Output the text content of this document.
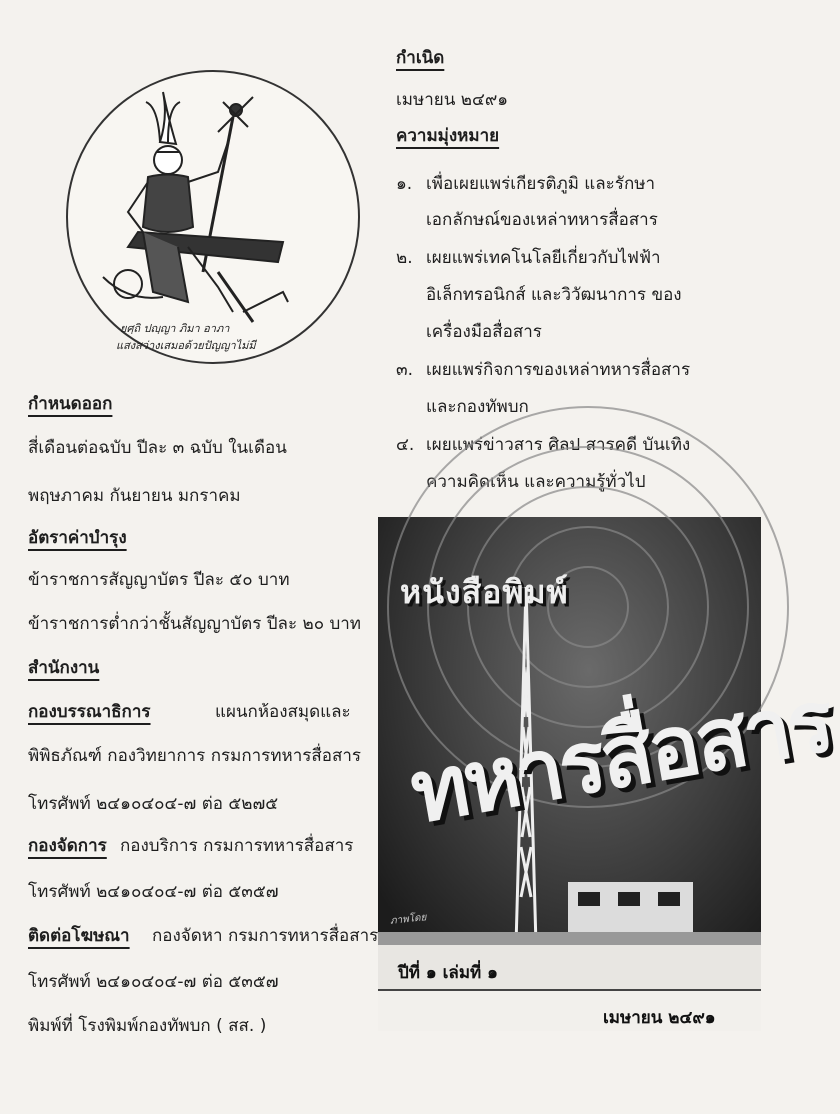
ยศฺถิ ปญฺญา ภิมา อาภา
แสงสว่างเสมอด้วยปัญญาไม่มี
กำเนิด
เมษายน ๒๔๙๑
ความมุ่งหมาย
๑. เพื่อเผยแพร่เกียรติภูมิ และรักษา
เอกลักษณ์ของเหล่าทหารสื่อสาร
๒. เผยแพร่เทคโนโลยีเกี่ยวกับไฟฟ้า
อิเล็กทรอนิกส์ และวิวัฒนาการ ของ
เครื่องมือสื่อสาร
๓. เผยแพร่กิจการของเหล่าทหารสื่อสาร
และกองทัพบก
๔. เผยแพร่ข่าวสาร ศิลป สารคดี บันเทิง
ความคิดเห็น และความรู้ทั่วไป
กำหนดออก
สี่เดือนต่อฉบับ ปีละ ๓ ฉบับ ในเดือน
พฤษภาคม กันยายน มกราคม
อัตราค่าบำรุง
ข้าราชการสัญญาบัตร ปีละ ๕๐ บาท
ข้าราชการต่ำกว่าชั้นสัญญาบัตร ปีละ ๒๐ บาท
สำนักงาน
กองบรรณาธิการ	แผนกห้องสมุดและ
พิพิธภัณฑ์ กองวิทยาการ กรมการทหารสื่อสาร
โทรศัพท์ ๒๔๑๐๔๐๔-๗ ต่อ ๕๒๗๕
กองจัดการ กองบริการ กรมการทหารสื่อสาร
โทรศัพท์ ๒๔๑๐๔๐๔-๗ ต่อ ๕๓๕๗
ติดต่อโฆษณา กองจัดหา กรมการทหารสื่อสาร
โทรศัพท์ ๒๔๑๐๔๐๔-๗ ต่อ ๕๓๕๗
พิมพ์ที่ โรงพิมพ์กองทัพบก ( สส. )
หนังสือพิมพ์
ทหารสื่อสาร
ภาพโดย
ปีที่ ๑ เล่มที่ ๑
เมษายน ๒๔๙๑
